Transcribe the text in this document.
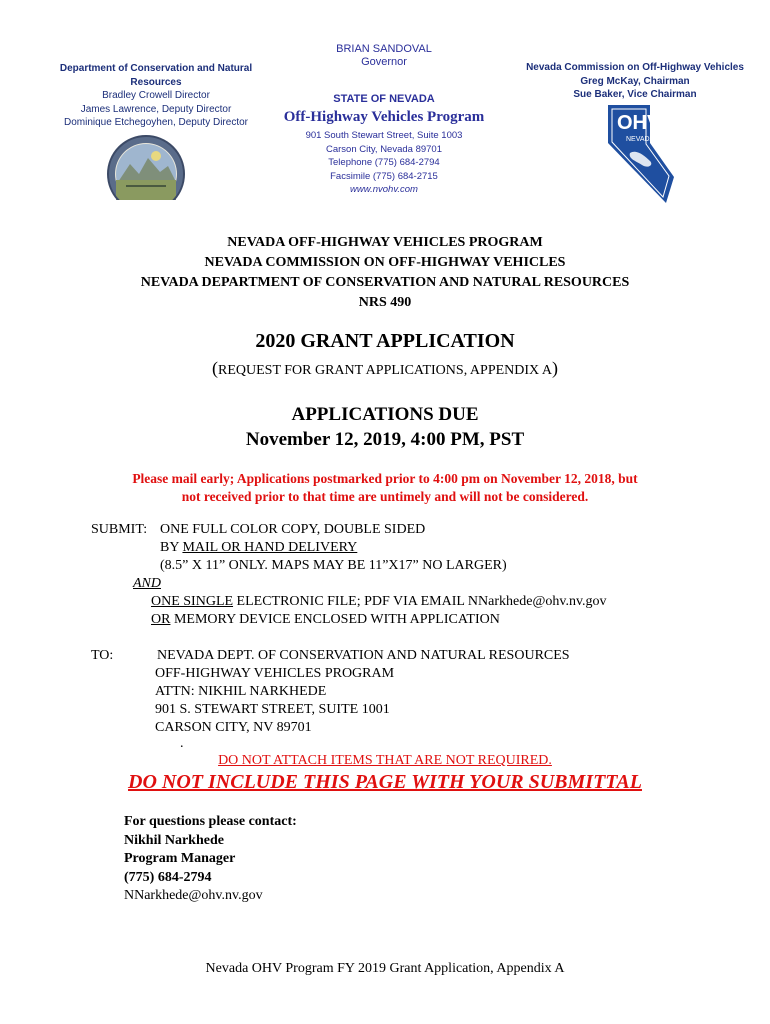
Department of Conservation and Natural Resources
Bradley Crowell Director
James Lawrence, Deputy Director
Dominique Etchegoyhen, Deputy Director
BRIAN SANDOVAL
Governor
STATE OF NEVADA
Off-Highway Vehicles Program
901 South Stewart Street, Suite 1003
Carson City, Nevada 89701
Telephone (775) 684-2794
Facsimile (775) 684-2715
www.nvohv.com
Nevada Commission on Off-Highway Vehicles
Greg McKay, Chairman
Sue Baker, Vice Chairman
OHV
NEVADA
NEVADA OFF-HIGHWAY VEHICLES PROGRAM
NEVADA COMMISSION ON OFF-HIGHWAY VEHICLES
NEVADA DEPARTMENT OF CONSERVATION AND NATURAL RESOURCES
NRS 490
2020 GRANT APPLICATION
(REQUEST FOR GRANT APPLICATIONS, APPENDIX A)
APPLICATIONS DUE
November 12, 2019, 4:00 PM, PST
Please mail early; Applications postmarked prior to 4:00 pm on November 12, 2018, but
not received prior to that time are untimely and will not be considered.
SUBMIT: ONE FULL COLOR COPY, DOUBLE SIDED
BY MAIL OR HAND DELIVERY
(8.5” X 11” ONLY. MAPS MAY BE 11”X17” NO LARGER)
AND
ONE SINGLE ELECTRONIC FILE; PDF VIA EMAIL NNarkhede@ohv.nv.gov
OR MEMORY DEVICE ENCLOSED WITH APPLICATION
TO:	NEVADA DEPT. OF CONSERVATION AND NATURAL RESOURCES
OFF-HIGHWAY VEHICLES PROGRAM
ATTN: NIKHIL NARKHEDE
901 S. STEWART STREET, SUITE 1001
CARSON CITY, NV 89701
.
DO NOT ATTACH ITEMS THAT ARE NOT REQUIRED.
DO NOT INCLUDE THIS PAGE WITH YOUR SUBMITTAL
For questions please contact:
Nikhil Narkhede
Program Manager
(775) 684-2794
NNarkhede@ohv.nv.gov
Nevada OHV Program FY 2019 Grant Application, Appendix A
